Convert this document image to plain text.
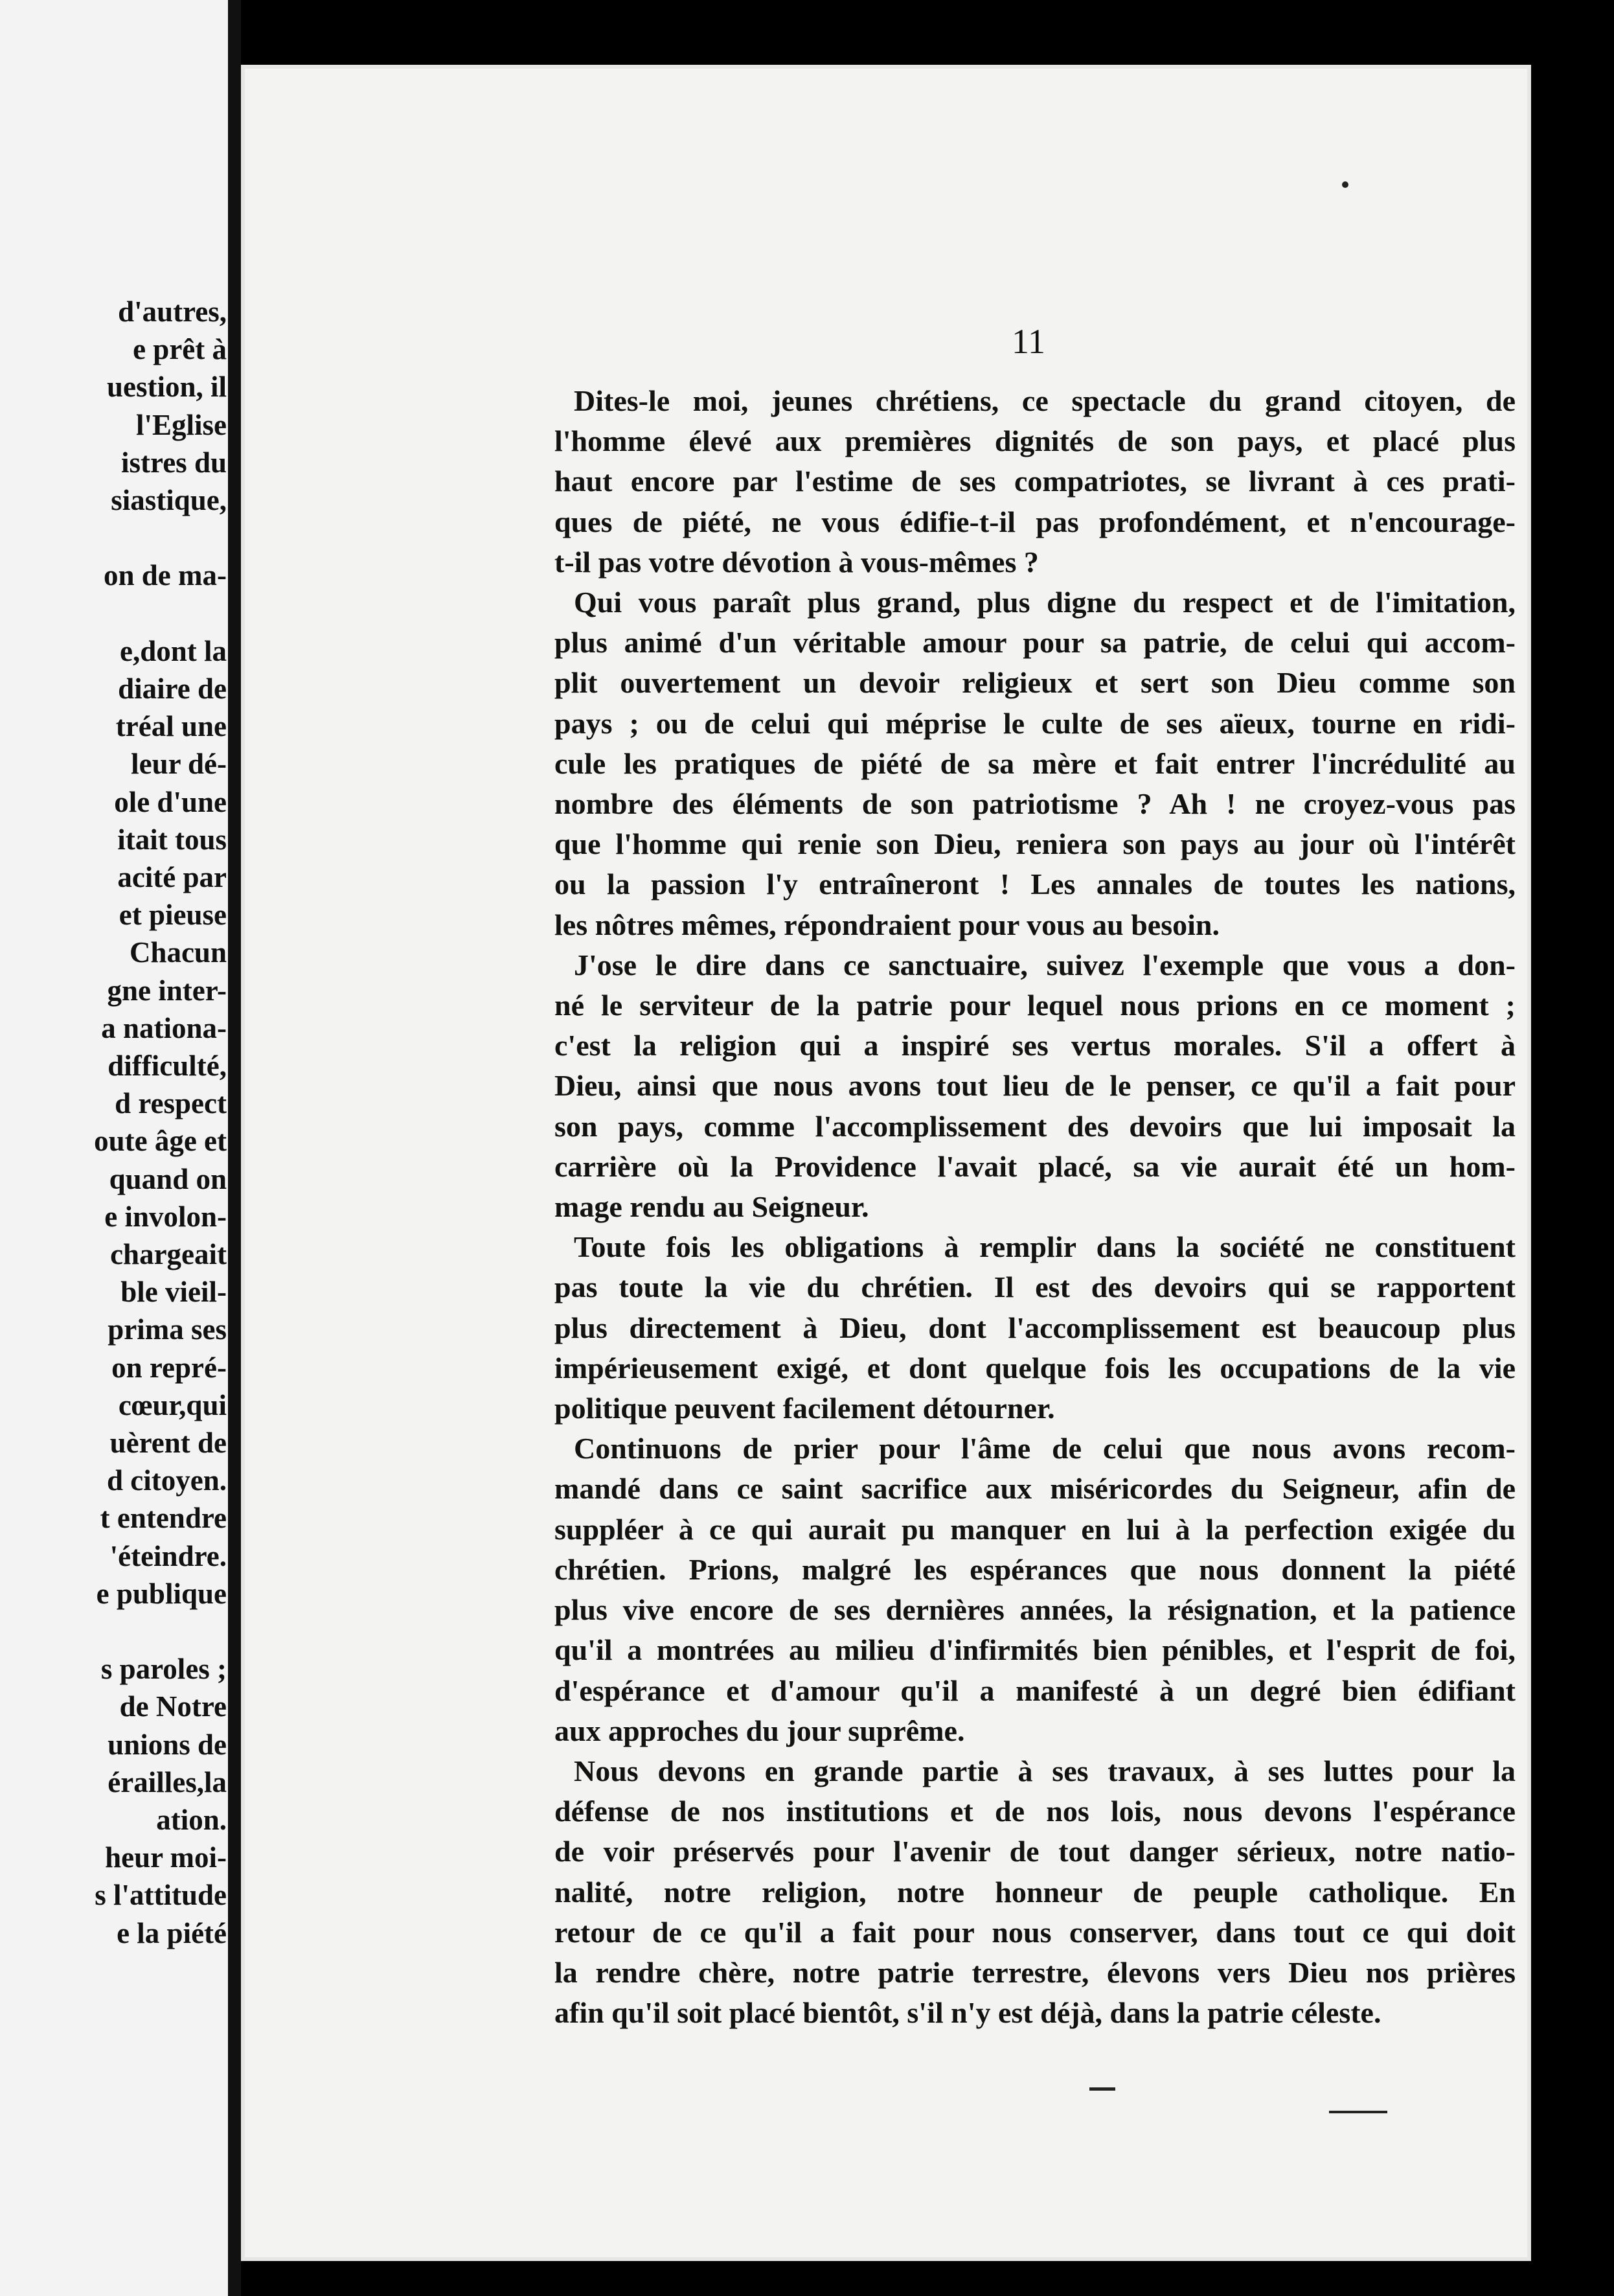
d'autres,
e prêt à
uestion, il
l'Eglise
istres du
siastique,
on de ma-
e,dont la
diaire de
tréal une
leur dé-
ole d'une
itait tous
acité par
et pieuse
Chacun
gne inter-
a nationa-
difficulté,
d respect
oute âge et
quand on
e involon-
chargeait
ble vieil-
prima ses
on repré-
cœur,qui
uèrent de
d citoyen.
t entendre
'éteindre.
e publique
s paroles ;
de Notre
unions de
érailles,la
ation.
heur moi-
s l'attitude
e la piété
11
Dites-le moi, jeunes chrétiens, ce spectacle du grand citoyen, de
l'homme élevé aux premières dignités de son pays, et placé plus
haut encore par l'estime de ses compatriotes, se livrant à ces prati-
ques de piété, ne vous édifie-t-il pas profondément, et n'encourage-
t-il pas votre dévotion à vous-mêmes ?
Qui vous paraît plus grand, plus digne du respect et de l'imitation,
plus animé d'un véritable amour pour sa patrie, de celui qui accom-
plit ouvertement un devoir religieux et sert son Dieu comme son
pays ; ou de celui qui méprise le culte de ses aïeux, tourne en ridi-
cule les pratiques de piété de sa mère et fait entrer l'incrédulité au
nombre des éléments de son patriotisme ? Ah ! ne croyez-vous pas
que l'homme qui renie son Dieu, reniera son pays au jour où l'intérêt
ou la passion l'y entraîneront ! Les annales de toutes les nations,
les nôtres mêmes, répondraient pour vous au besoin.
J'ose le dire dans ce sanctuaire, suivez l'exemple que vous a don-
né le serviteur de la patrie pour lequel nous prions en ce moment ;
c'est la religion qui a inspiré ses vertus morales. S'il a offert à
Dieu, ainsi que nous avons tout lieu de le penser, ce qu'il a fait pour
son pays, comme l'accomplissement des devoirs que lui imposait la
carrière où la Providence l'avait placé, sa vie aurait été un hom-
mage rendu au Seigneur.
Toute fois les obligations à remplir dans la société ne constituent
pas toute la vie du chrétien. Il est des devoirs qui se rapportent
plus directement à Dieu, dont l'accomplissement est beaucoup plus
impérieusement exigé, et dont quelque fois les occupations de la vie
politique peuvent facilement détourner.
Continuons de prier pour l'âme de celui que nous avons recom-
mandé dans ce saint sacrifice aux miséricordes du Seigneur, afin de
suppléer à ce qui aurait pu manquer en lui à la perfection exigée du
chrétien. Prions, malgré les espérances que nous donnent la piété
plus vive encore de ses dernières années, la résignation, et la patience
qu'il a montrées au milieu d'infirmités bien pénibles, et l'esprit de foi,
d'espérance et d'amour qu'il a manifesté à un degré bien édifiant
aux approches du jour suprême.
Nous devons en grande partie à ses travaux, à ses luttes pour la
défense de nos institutions et de nos lois, nous devons l'espérance
de voir préservés pour l'avenir de tout danger sérieux, notre natio-
nalité, notre religion, notre honneur de peuple catholique. En
retour de ce qu'il a fait pour nous conserver, dans tout ce qui doit
la rendre chère, notre patrie terrestre, élevons vers Dieu nos prières
afin qu'il soit placé bientôt, s'il n'y est déjà, dans la patrie céleste.
